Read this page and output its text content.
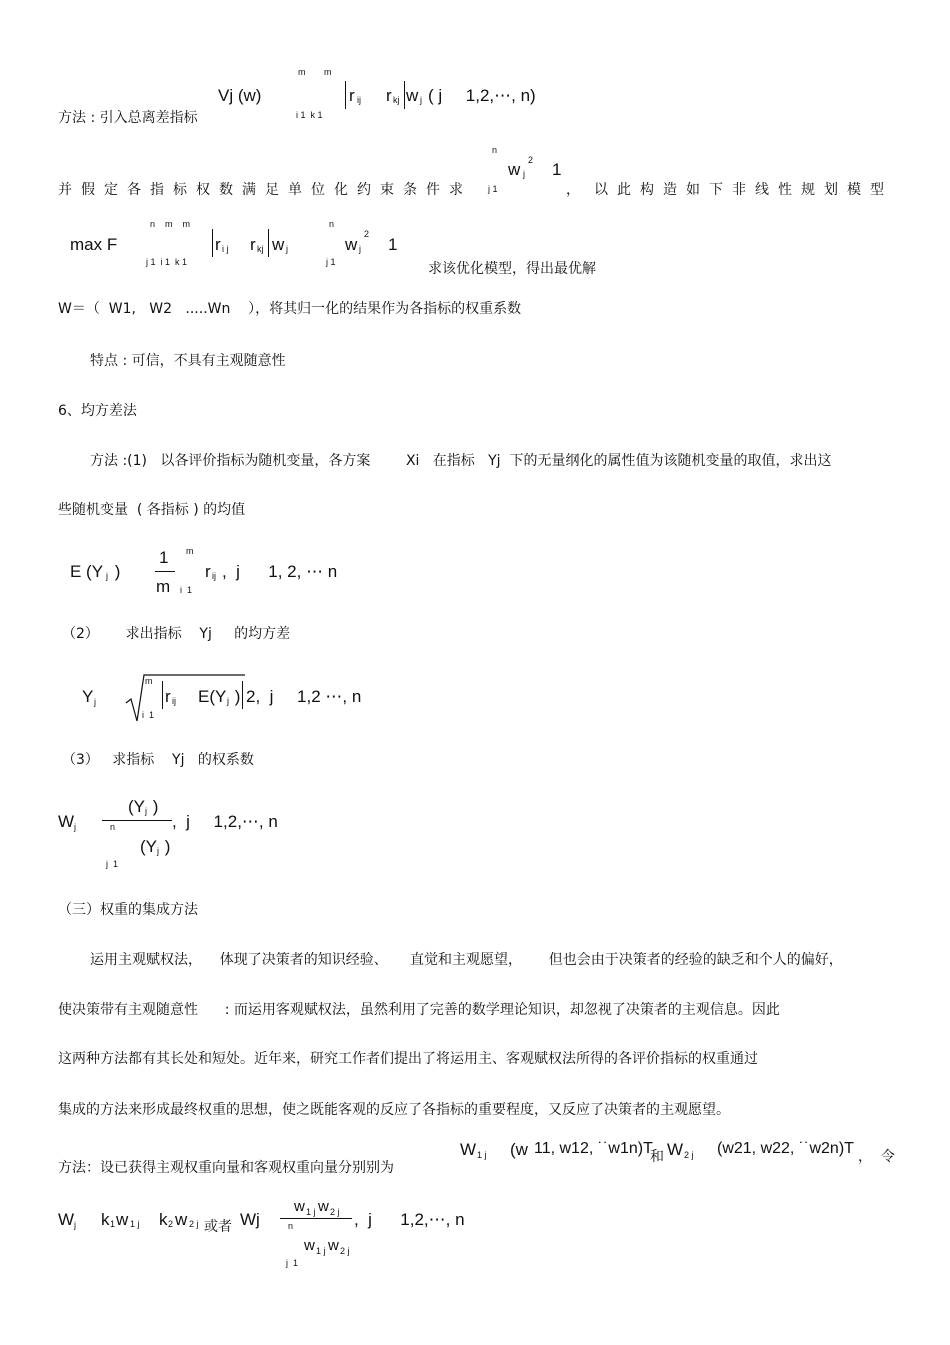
m m
Vj (w)	r ij r kj w j ( j     1,2,⋯, n)
i 1  k 1
方法 : 引入总离差指标
n
w j
2 1
j 1
并假定各指标权数满足单位化约束条件求	， 以此构造如下非线性规划模型
n    m    m
max F	r i j r kj w j
n
w j
2
1
j 1  i 1  k 1	j 1	求该优化模型，得出最优解
W＝（  W1,   W2   .....Wn    ），将其归一化的结果作为各指标的权重系数
特点 : 可信，不具有主观随意性
6、均方差法
方法 :(1)   以各评价指标为随机变量，各方案        Xi   在指标   Yj  下的无量纲化的属性值为该随机变量的取值，求出这
些随机变量  ( 各指标 ) 的均值
E (Y j )
1
m
m
i  1
r ij ,  j      1, 2, ⋯ n
（2）      求出指标    Yj     的均方差
Y j
m
i  1
r ij E(Y j ) 2,  j     1,2 ⋯, n
（3）   求指标    Yj   的权系数
W j
(Y j )
n
(Y j )
j  1
,  j     1,2,⋯, n
（三）权重的集成方法
运用主观赋权法，    体现了决策者的知识经验、     直觉和主观愿望，      但也会由于决策者的经验的缺乏和个人的偏好，
使决策带有主观随意性      : 而运用客观赋权法，虽然利用了完善的数学理论知识，却忽视了决策者的主观信息。因此
这两种方法都有其长处和短处。近年来，研究工作者们提出了将运用主、客观赋权法所得的各评价指标的权重通过
集成的方法来形成最终权重的思想，使之既能客观的反应了各指标的重要程度，又反应了决策者的主观愿望。
W 1 j (w 11, w12, ˙˙w1n)T
和 W 2 j (w21, w22, ˙˙w2n)T ，  令
方法：设已获得主观权重向量和客观权重向量分别别为
W j k 1 w 1 j k 2 w 2 j 或者 Wj
w 1 j w 2 j
n
w 1 j w 2 j
j  1
,  j      1,2,⋯, n
